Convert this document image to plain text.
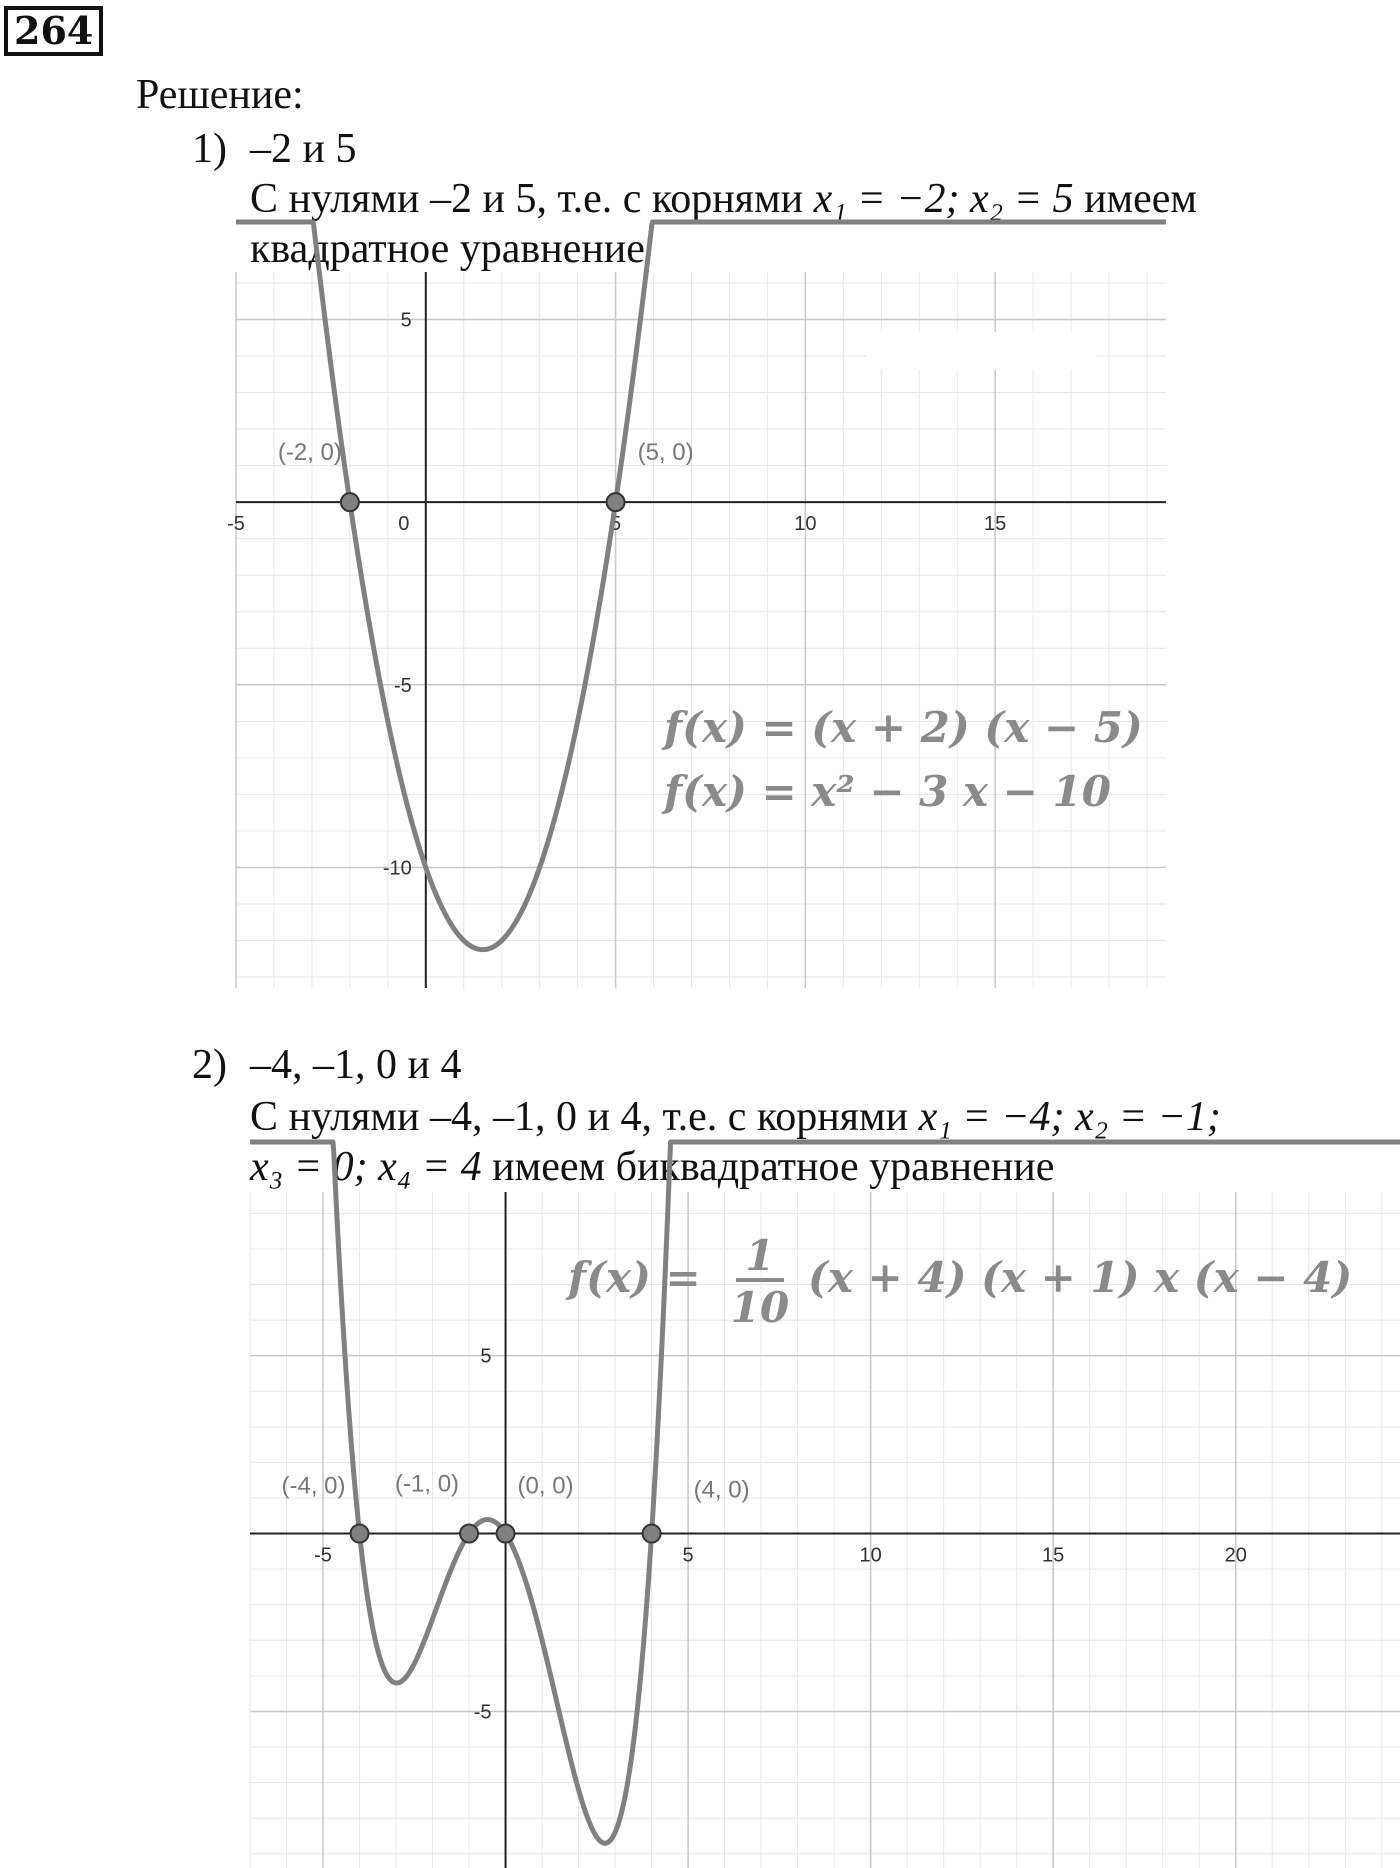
264
Решение:
1) –2 и 5
С нулями –2 и 5, т.е. с корнями x₁ = −2; x₂ = 5 имеем
квадратное уравнение
-5	0	5	10	15
5
-5
-10
(-2, 0)	(5, 0)
f(x) = (x + 2) (x − 5)
f(x) = x² − 3 x − 10
2) –4, –1, 0 и 4
С нулями –4, –1, 0 и 4, т.е. с корнями x₁ = −4; x₂ = −1;
x₃ = 0; x₄ = 4 имеем биквадратное уравнение
-5	5	10	15	20
5
-5
(-4, 0) (-1, 0) (0, 0)	(4, 0)
f(x) = 1
10
(x + 4) (x + 1) x (x − 4)
